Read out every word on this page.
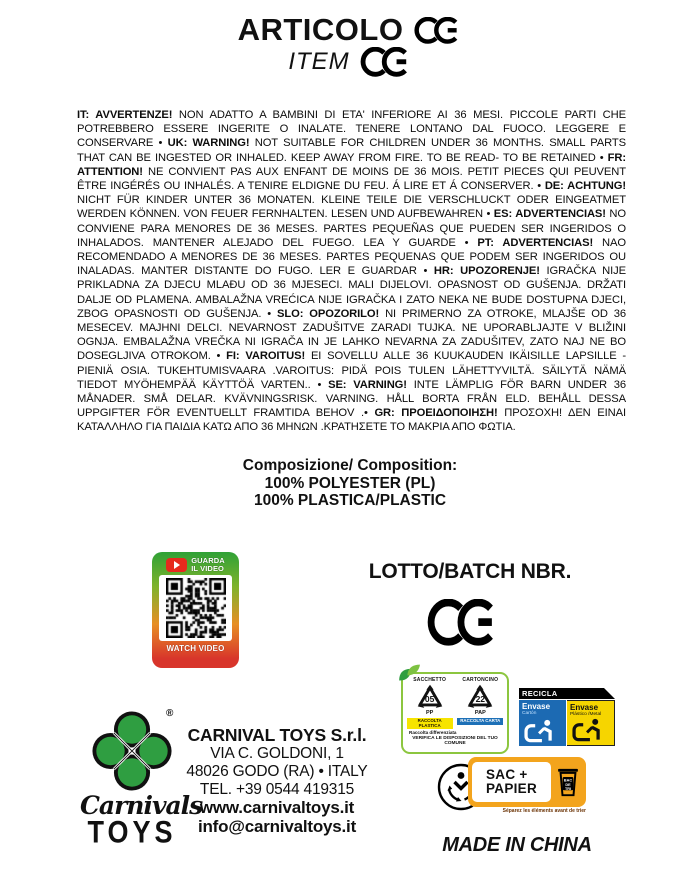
ARTICOLO
ITEM
IT: AVVERTENZE! NON ADATTO A BAMBINI DI ETA' INFERIORE AI 36 MESI. PICCOLE PARTI CHE POTREBBERO ESSERE INGERITE O INALATE. TENERE LONTANO DAL FUOCO. LEGGERE E CONSERVARE • UK: WARNING! NOT SUITABLE FOR CHILDREN UNDER 36 MONTHS. SMALL PARTS THAT CAN BE INGESTED OR INHALED. KEEP AWAY FROM FIRE. TO BE READ- TO BE RETAINED • FR: ATTENTION! NE CONVIENT PAS AUX ENFANT DE MOINS DE 36 MOIS. PETIT PIECES QUI PEUVENT ÊTRE INGÉRÉS OU INHALÉS. A TENIRE ELDIGNE DU FEU. Á LIRE ET Á CONSERVER. • DE: ACHTUNG! NICHT FÜR KINDER UNTER 36 MONATEN. KLEINE TEILE DIE VERSCHLUCKT ODER EINGEATMET WERDEN KÖNNEN. VON FEUER FERNHALTEN. LESEN UND AUFBEWAHREN • ES: ADVERTENCIAS! NO CONVIENE PARA MENORES DE 36 MESES. PARTES PEQUEÑAS QUE PUEDEN SER INGERIDOS O INHALADOS. MANTENER ALEJADO DEL FUEGO. LEA Y GUARDE • PT: ADVERTENCIAS! NAO RECOMENDADO A MENORES DE 36 MESES. PARTES PEQUENAS QUE PODEM SER INGERIDOS OU INALADAS. MANTER DISTANTE DO FUGO. LER E GUARDAR • HR: UPOZORENJE! IGRAČKA NIJE PRIKLADNA ZA DJECU MLAĐU OD 36 MJESECI. MALI DIJELOVI. OPASNOST OD GUŠENJA. DRŽATI DALJE OD PLAMENA. AMBALAŽNA VREĆICA NIJE IGRAČKA I ZATO NEKA NE BUDE DOSTUPNA DJECI, ZBOG OPASNOSTI OD GUŠENJA. • SLO: OPOZORILO! NI PRIMERNO ZA OTROKE, MLAJŠE OD 36 MESECEV. MAJHNI DELCI. NEVARNOST ZADUŠITVE ZARADI TUJKA. NE UPORABLJAJTE V BLIŽINI OGNJA. EMBALAŽNA VREČKA NI IGRAČA IN JE LAHKO NEVARNA ZA ZADUŠITEV, ZATO NAJ NE BO DOSEGLJIVA OTROKOM. • FI: VAROITUS! EI SOVELLU ALLE 36 KUUKAUDEN IKÄISILLE LAPSILLE - PIENIÄ OSIA. TUKEHTUMISVAARA .VAROITUS: PIDÄ POIS TULEN LÄHETTYVILTÄ. SÄILYTÄ NÄMÄ TIEDOT MYÖHEMPÄÄ KÄYTTÖÄ VARTEN.. • SE: VARNING! INTE LÄMPLIG FÖR BARN UNDER 36 MÅNADER. SMÅ DELAR. KVÄVNINGSRISK. VARNING. HÅLL BORTA FRÅN ELD. BEHÅLL DESSA UPPGIFTER FÖR EVENTUELLT FRAMTIDA BEHOV .• GR: ΠΡΟΕΙΔΟΠΟΙΗΣΗ! ΠΡΟΣΟΧΗ! ΔΕΝ ΕΙΝΑΙ ΚΑΤΑΛΛΗΛΟ ΓΙΑ ΠΑΙΔΙΑ ΚΑΤΩ ΑΠΟ 36 ΜΗΝΩΝ .ΚΡΑΤΗΣΕΤΕ ΤΟ ΜΑΚΡΙΑ ΑΠΟ ΦΩΤΙΑ.
Composizione/ Composition:
100% POLYESTER (PL)
100% PLASTICA/PLASTIC
GUARDA
IL VIDEO
WATCH VIDEO
LOTTO/BATCH NBR.
SACCHETTO
05
PP
RACCOLTA PLASTICA
CARTONCINO
22
PAP
RACCOLTA CARTA
Raccolta differenziata
VERIFICA LE DISPOSIZIONI DEL TUO COMUNE
RECICLA
Envase
Cartón
Envase
Plástico /Metal
®
Carnivals
TOYS
CARNIVAL TOYS S.r.l.
VIA C. GOLDONI, 1
48026 GODO (RA) • ITALY
TEL. +39 0544 419315
www.carnivaltoys.it
info@carnivaltoys.it
SAC +
PAPIER
BAC
DE
TRI
Séparez les éléments avant de trier
MADE IN CHINA
